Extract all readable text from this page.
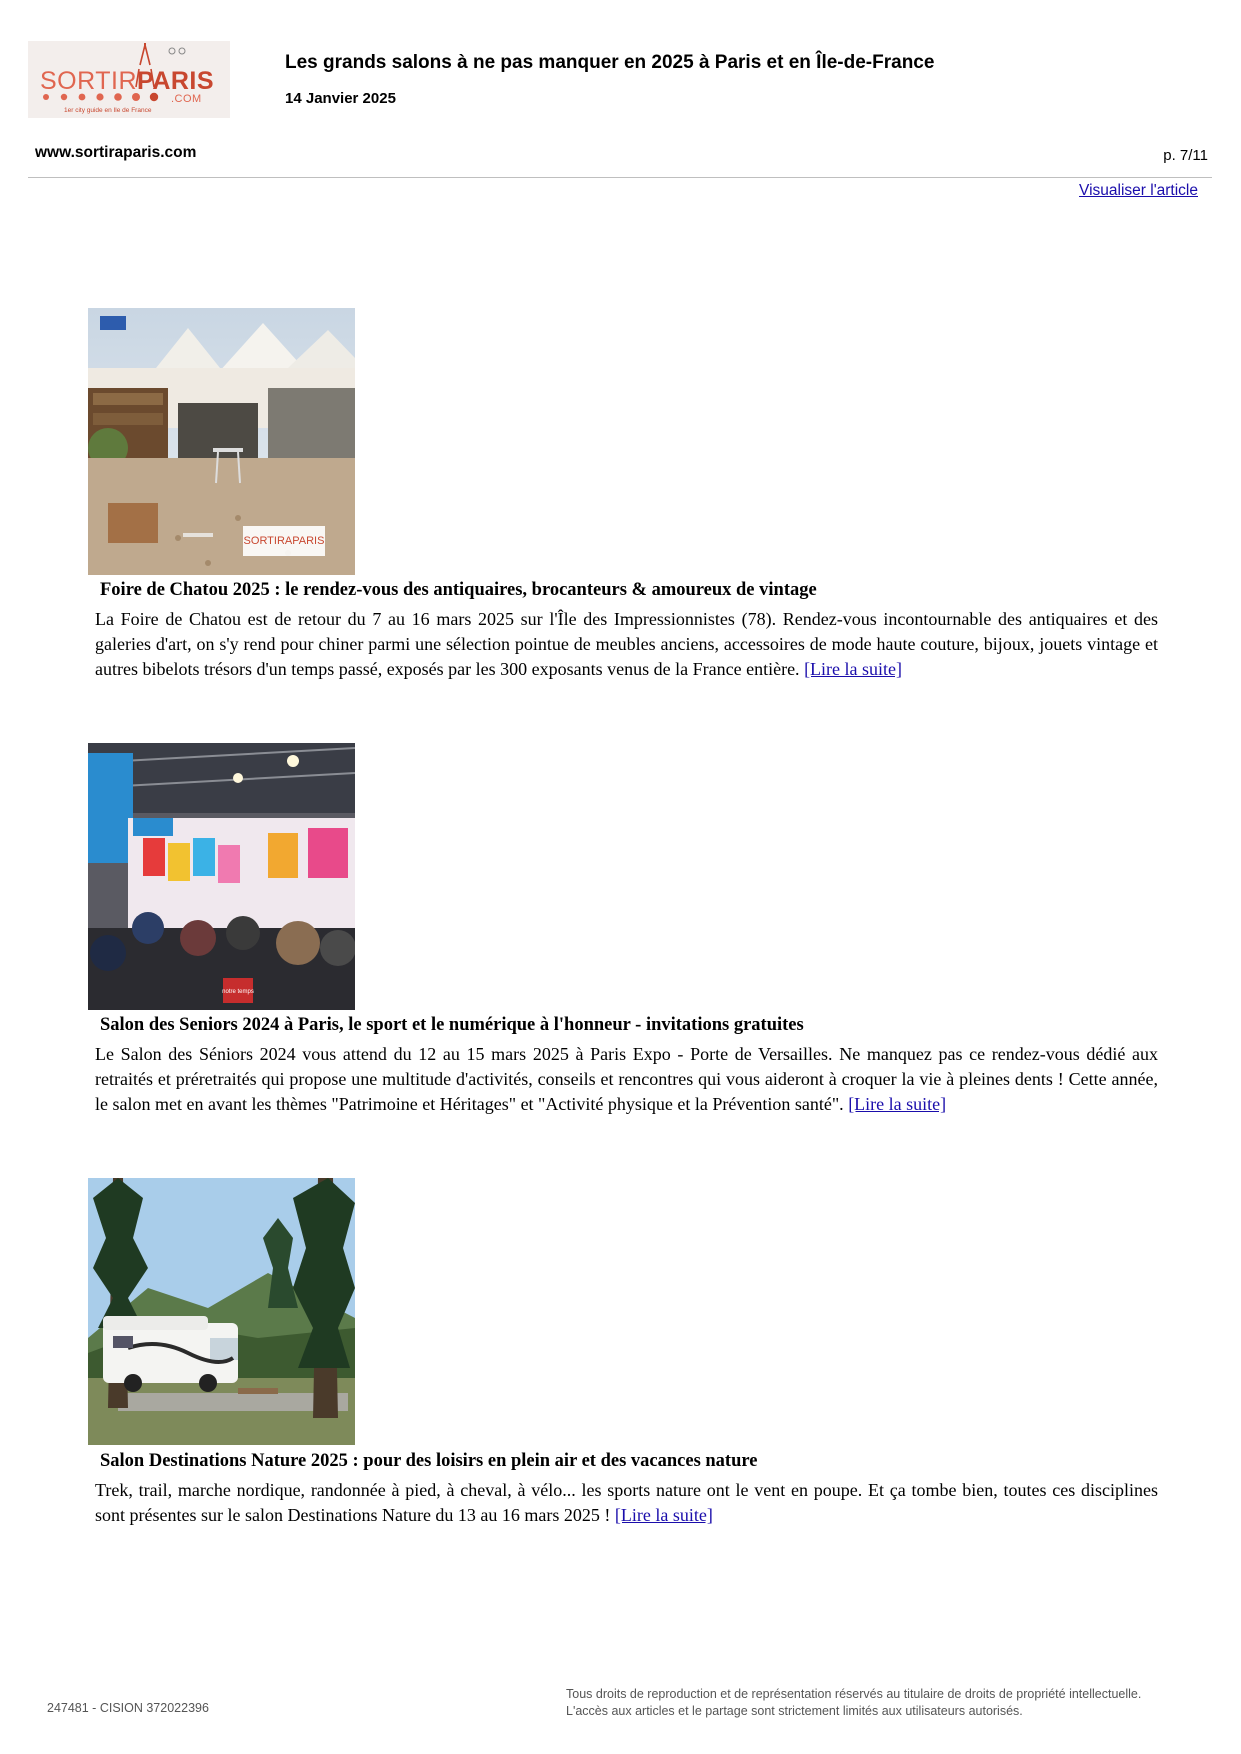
SORTIRPARIS
.COM
1er city guide en Ile de France
Les grands salons à ne pas manquer en 2025 à Paris et en Île-de-France
14 Janvier 2025
www.sortiraparis.com	p. 7/11
Visualiser l'article
SORTIRAPARIS
Foire de Chatou 2025 : le rendez-vous des antiquaires, brocanteurs & amoureux de vintage
La Foire de Chatou est de retour du 7 au 16 mars 2025 sur l'Île des Impressionnistes (78). Rendez-vous incontournable des antiquaires et des galeries d'art, on s'y rend pour chiner parmi une sélection pointue de meubles anciens, accessoires de mode haute couture, bijoux, jouets vintage et autres bibelots trésors d'un temps passé, exposés par les 300 exposants venus de la France entière. [Lire la suite]
notre temps
Salon des Seniors 2024 à Paris, le sport et le numérique à l'honneur - invitations gratuites
Le Salon des Séniors 2024 vous attend du 12 au 15 mars 2025 à Paris Expo - Porte de Versailles. Ne manquez pas ce rendez-vous dédié aux retraités et préretraités qui propose une multitude d'activités, conseils et rencontres qui vous aideront à croquer la vie à pleines dents ! Cette année, le salon met en avant les thèmes "Patrimoine et Héritages" et "Activité physique et la Prévention santé". [Lire la suite]
Salon Destinations Nature 2025 : pour des loisirs en plein air et des vacances nature
Trek, trail, marche nordique, randonnée à pied, à cheval, à vélo... les sports nature ont le vent en poupe. Et ça tombe bien, toutes ces disciplines sont présentes sur le salon Destinations Nature du 13 au 16 mars 2025 ! [Lire la suite]
247481 - CISION 372022396
Tous droits de reproduction et de représentation réservés au titulaire de droits de propriété intellectuelle.
L'accès aux articles et le partage sont strictement limités aux utilisateurs autorisés.
